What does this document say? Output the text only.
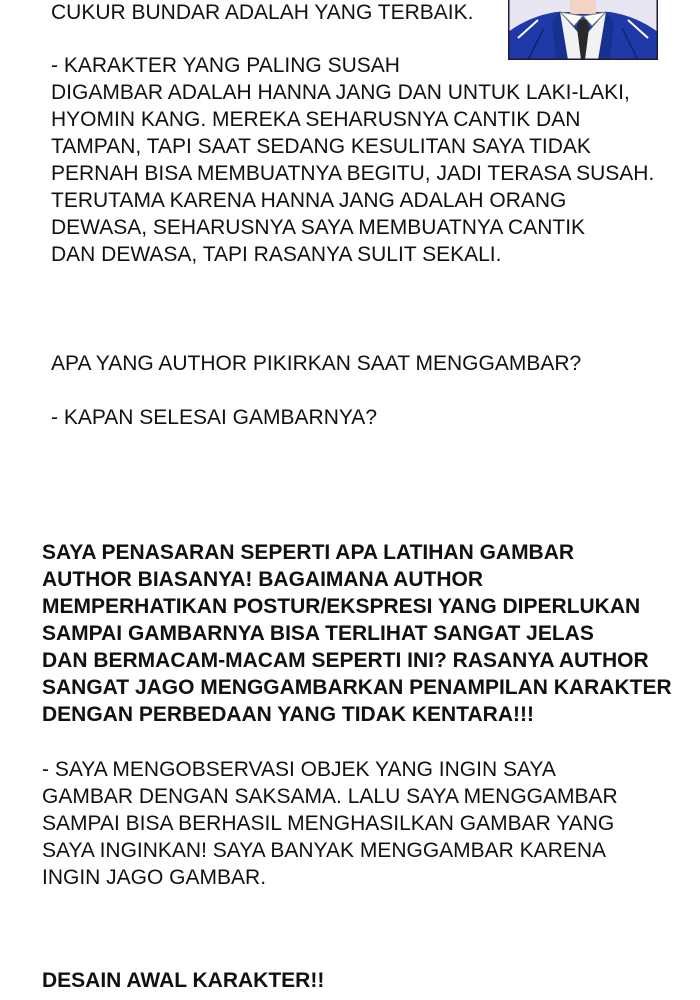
CUKUR BUNDAR ADALAH YANG TERBAIK.
- KARAKTER YANG PALING SUSAH
DIGAMBAR ADALAH HANNA JANG DAN UNTUK LAKI-LAKI,
HYOMIN KANG. MEREKA SEHARUSNYA CANTIK DAN
TAMPAN, TAPI SAAT SEDANG KESULITAN SAYA TIDAK
PERNAH BISA MEMBUATNYA BEGITU, JADI TERASA SUSAH.
TERUTAMA KARENA HANNA JANG ADALAH ORANG
DEWASA, SEHARUSNYA SAYA MEMBUATNYA CANTIK
DAN DEWASA, TAPI RASANYA SULIT SEKALI.
APA YANG AUTHOR PIKIRKAN SAAT MENGGAMBAR?
- KAPAN SELESAI GAMBARNYA?
SAYA PENASARAN SEPERTI APA LATIHAN GAMBAR
AUTHOR BIASANYA! BAGAIMANA AUTHOR
MEMPERHATIKAN POSTUR/EKSPRESI YANG DIPERLUKAN
SAMPAI GAMBARNYA BISA TERLIHAT SANGAT JELAS
DAN BERMACAM-MACAM SEPERTI INI? RASANYA AUTHOR
SANGAT JAGO MENGGAMBARKAN PENAMPILAN KARAKTER
DENGAN PERBEDAAN YANG TIDAK KENTARA!!!
- SAYA MENGOBSERVASI OBJEK YANG INGIN SAYA
GAMBAR DENGAN SAKSAMA. LALU SAYA MENGGAMBAR
SAMPAI BISA BERHASIL MENGHASILKAN GAMBAR YANG
SAYA INGINKAN! SAYA BANYAK MENGGAMBAR KARENA
INGIN JAGO GAMBAR.
DESAIN AWAL KARAKTER!!
